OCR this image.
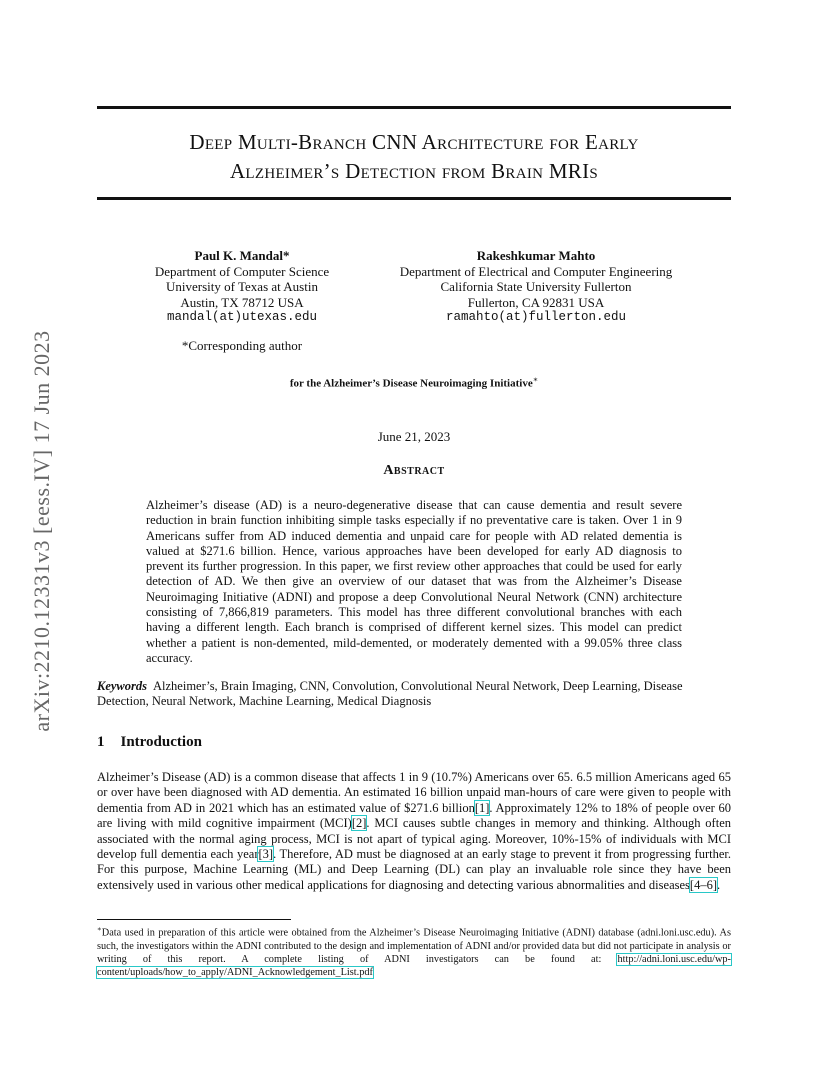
Deep Multi-Branch CNN Architecture for Early
Alzheimer’s Detection from Brain MRIs
arXiv:2210.12331v3 [eess.IV] 17 Jun 2023
Paul K. Mandal*
Department of Computer Science
University of Texas at Austin
Austin, TX 78712 USA
mandal(at)utexas.edu
Rakeshkumar Mahto
Department of Electrical and Computer Engineering
California State University Fullerton
Fullerton, CA 92831 USA
ramahto(at)fullerton.edu
*Corresponding author
for the Alzheimer’s Disease Neuroimaging Initiative∗
June 21, 2023
Abstract

Alzheimer’s disease (AD) is a neuro-degenerative disease that can cause dementia and result severe reduction in brain function inhibiting simple tasks especially if no preventative care is taken. Over 1 in 9 Americans suffer from AD induced dementia and unpaid care for people with AD related dementia is valued at $271.6 billion. Hence, various approaches have been developed for early AD diagnosis to prevent its further progression. In this paper, we first review other approaches that could be used for early detection of AD. We then give an overview of our dataset that was from the Alzheimer’s Disease Neuroimaging Initiative (ADNI) and propose a deep Convolutional Neural Network (CNN) architecture consisting of 7,866,819 parameters. This model has three different convolutional branches with each having a different length. Each branch is comprised of different kernel sizes. This model can predict whether a patient is non-demented, mild-demented, or moderately demented with a 99.05% three class accuracy.

Keywords Alzheimer’s, Brain Imaging, CNN, Convolution, Convolutional Neural Network, Deep Learning, Disease Detection, Neural Network, Machine Learning, Medical Diagnosis

1 Introduction

Alzheimer’s Disease (AD) is a common disease that affects 1 in 9 (10.7%) Americans over 65. 6.5 million Americans aged 65 or over have been diagnosed with AD dementia. An estimated 16 billion unpaid man-hours of care were given to people with dementia from AD in 2021 which has an estimated value of $271.6 billion[1]. Approximately 12% to 18% of people over 60 are living with mild cognitive impairment (MCI)[2]. MCI causes subtle changes in memory and thinking. Although often associated with the normal aging process, MCI is not apart of typical aging. Moreover, 10%-15% of individuals with MCI develop full dementia each year[3]. Therefore, AD must be diagnosed at an early stage to prevent it from progressing further. For this purpose, Machine Learning (ML) and Deep Learning (DL) can play an invaluable role since they have been extensively used in various other medical applications for diagnosing and detecting various abnormalities and diseases[4–6].

∗Data used in preparation of this article were obtained from the Alzheimer’s Disease Neuroimaging Initiative (ADNI) database (adni.loni.usc.edu). As such, the investigators within the ADNI contributed to the design and implementation of ADNI and/or provided data but did not participate in analysis or writing of this report. A complete listing of ADNI investigators can be found at: http://adni.loni.usc.edu/wp-content/uploads/how_to_apply/ADNI_Acknowledgement_List.pdf
